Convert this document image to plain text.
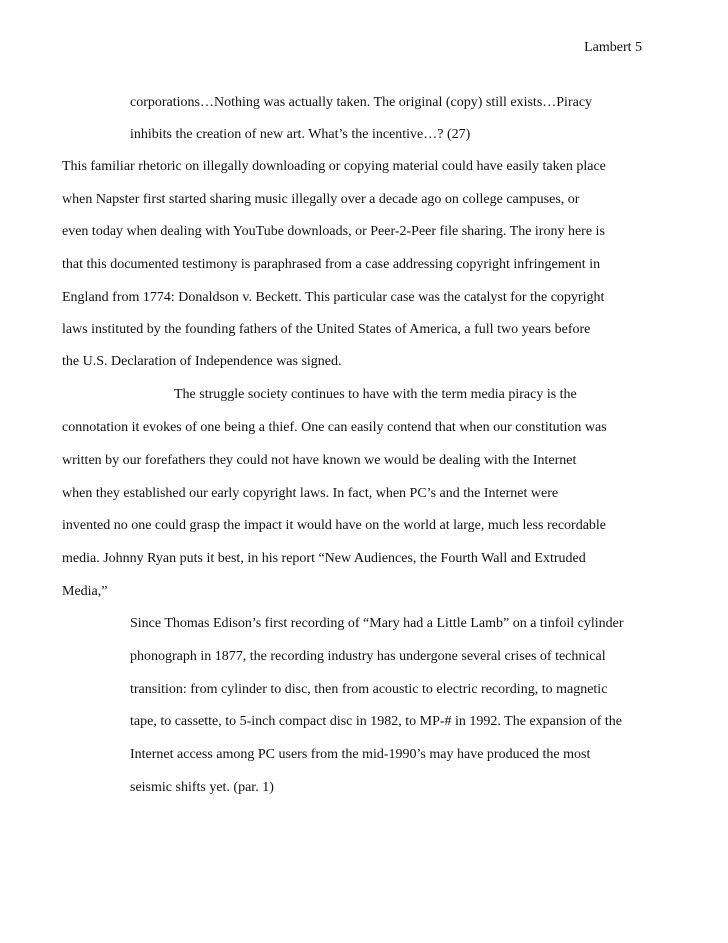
Lambert 5
corporations…Nothing was actually taken. The original (copy) still exists…Piracy
inhibits the creation of new art. What’s the incentive…? (27)
This familiar rhetoric on illegally downloading or copying material could have easily taken place
when Napster first started sharing music illegally over a decade ago on college campuses, or
even today when dealing with YouTube downloads, or Peer-2-Peer file sharing. The irony here is
that this documented testimony is paraphrased from a case addressing copyright infringement in
England from 1774: Donaldson v. Beckett. This particular case was the catalyst for the copyright
laws instituted by the founding fathers of the United States of America, a full two years before
the U.S. Declaration of Independence was signed.
The struggle society continues to have with the term media piracy is the
connotation it evokes of one being a thief. One can easily contend that when our constitution was
written by our forefathers they could not have known we would be dealing with the Internet
when they established our early copyright laws. In fact, when PC’s and the Internet were
invented no one could grasp the impact it would have on the world at large, much less recordable
media. Johnny Ryan puts it best, in his report “New Audiences, the Fourth Wall and Extruded
Media,”
Since Thomas Edison’s first recording of “Mary had a Little Lamb” on a tinfoil cylinder
phonograph in 1877, the recording industry has undergone several crises of technical
transition: from cylinder to disc, then from acoustic to electric recording, to magnetic
tape, to cassette, to 5-inch compact disc in 1982, to MP-# in 1992. The expansion of the
Internet access among PC users from the mid-1990’s may have produced the most
seismic shifts yet. (par. 1)
